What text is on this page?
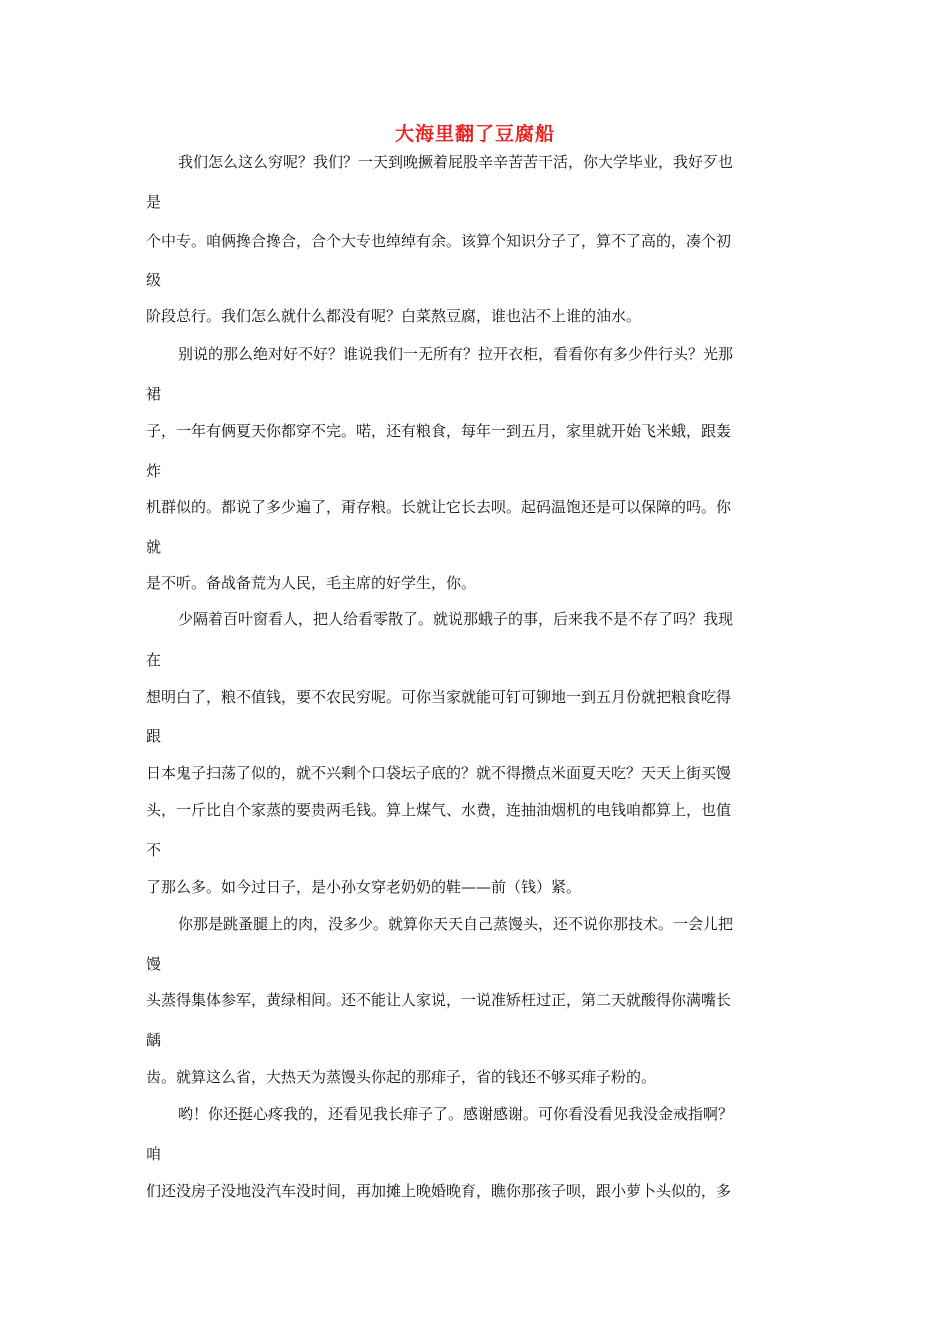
大海里翻了豆腐船
我们怎么这么穷呢？我们？一天到晚撅着屁股辛辛苦苦干活，你大学毕业，我好歹也
是
个中专。咱俩搀合搀合，合个大专也绰绰有余。该算个知识分子了，算不了高的，凑个初
级
阶段总行。我们怎么就什么都没有呢？白菜熬豆腐，谁也沾不上谁的油水。
别说的那么绝对好不好？谁说我们一无所有？拉开衣柜，看看你有多少件行头？光那
裙
子，一年有俩夏天你都穿不完。喏，还有粮食，每年一到五月，家里就开始飞米蛾，跟轰
炸
机群似的。都说了多少遍了，甭存粮。长就让它长去呗。起码温饱还是可以保障的吗。你
就
是不听。备战备荒为人民，毛主席的好学生，你。
少隔着百叶窗看人，把人给看零散了。就说那蛾子的事，后来我不是不存了吗？我现
在
想明白了，粮不值钱，要不农民穷呢。可你当家就能可钉可铆地一到五月份就把粮食吃得
跟
日本鬼子扫荡了似的，就不兴剩个口袋坛子底的？就不得攒点米面夏天吃？天天上街买馒
头，一斤比自个家蒸的要贵两毛钱。算上煤气、水费，连抽油烟机的电钱咱都算上，也值
不
了那么多。如今过日子，是小孙女穿老奶奶的鞋——前（钱）紧。
你那是跳蚤腿上的肉，没多少。就算你天天自己蒸馒头，还不说你那技术。一会儿把
馒
头蒸得集体参军，黄绿相间。还不能让人家说，一说准矫枉过正，第二天就酸得你满嘴长
龋
齿。就算这么省，大热天为蒸馒头你起的那痱子，省的钱还不够买痱子粉的。
哟！你还挺心疼我的，还看见我长痱子了。感谢感谢。可你看没看见我没金戒指啊？
咱
们还没房子没地没汽车没时间，再加摊上晚婚晚育，瞧你那孩子呗，跟小萝卜头似的，多
